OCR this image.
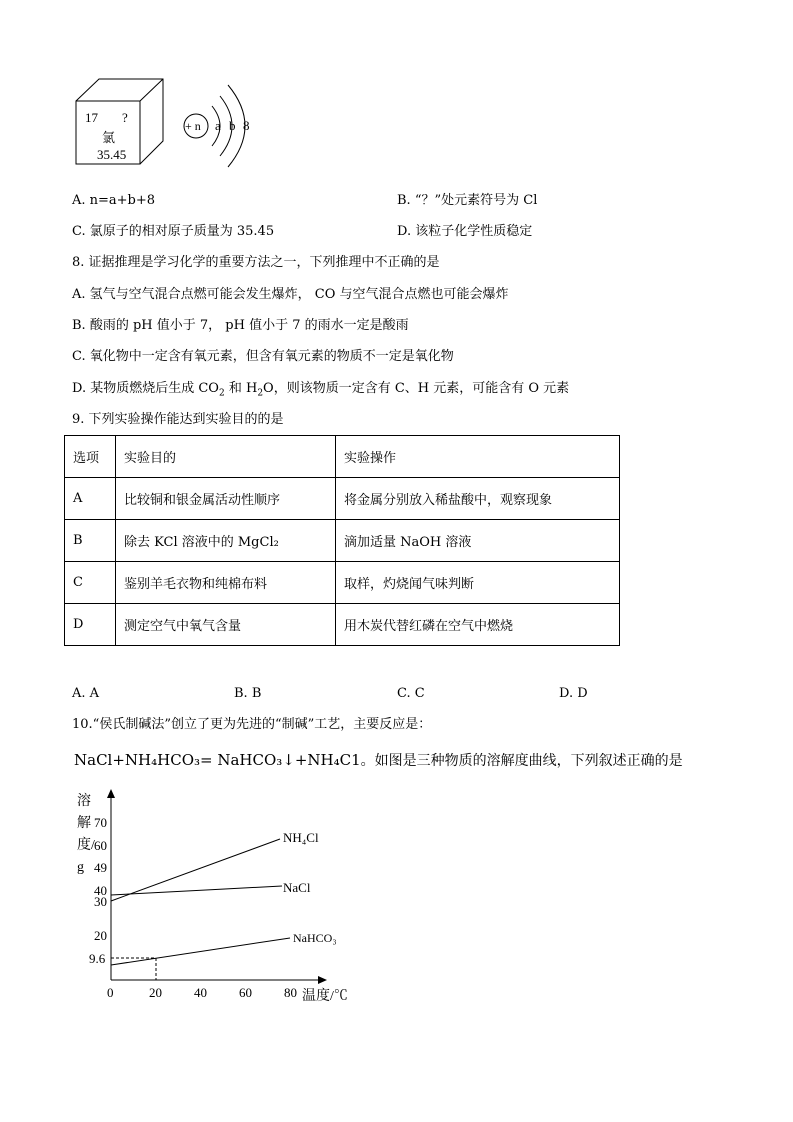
17 ?
氯
35.45
+ n a b 8
70
60
49
40
30
20
9.6
0	20 40 60 80 温度/℃
NH₄Cl
NaCl
NaHCO₃
溶解度/g
A. n=a+b+8	B. “？”处元素符号为 Cl
C. 氯原子的相对原子质量为 35.45	D. 该粒子化学性质稳定
8. 证据推理是学习化学的重要方法之一，下列推理中不正确的是
A. 氢气与空气混合点燃可能会发生爆炸， CO 与空气混合点燃也可能会爆炸
B. 酸雨的 pH 值小于 7， pH 值小于 7 的雨水一定是酸雨
C. 氧化物中一定含有氧元素，但含有氧元素的物质不一定是氧化物
D. 某物质燃烧后生成 $CO_2$ 和 $H_2O$，则该物质一定含有 C、H 元素，可能含有 O 元素
9. 下列实验操作能达到实验目的的是
选项	实验目的	实验操作
A	比较铜和银金属活动性顺序	将金属分别放入稀盐酸中，观察现象
B	除去 KCl 溶液中的 MgCl₂	滴加适量 NaOH 溶液
C	鉴别羊毛衣物和纯棉布料	取样，灼烧闻气味判断
D	测定空气中氧气含量	用木炭代替红磷在空气中燃烧
A. A	B. B	C. C	D. D
10.“侯氏制碱法”创立了更为先进的“制碱”工艺，主要反应是：
NaCl+NH₄HCO₃= NaHCO₃↓+NH₄C1。如图是三种物质的溶解度曲线，下列叙述正确的是
